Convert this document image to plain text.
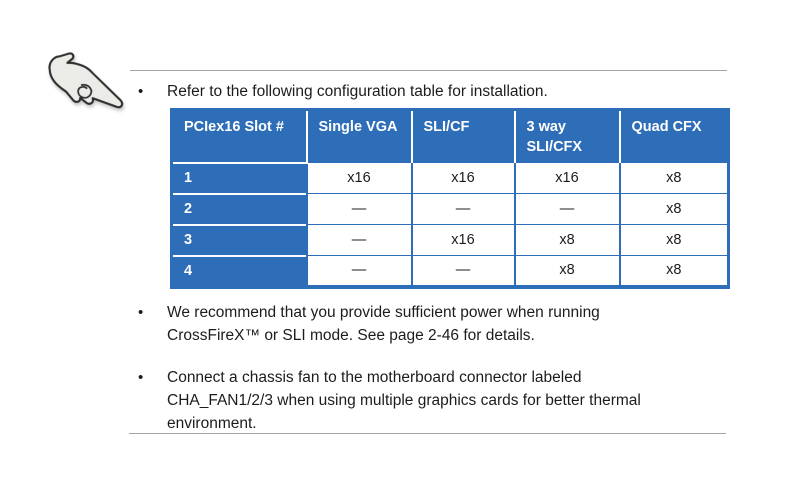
•	Refer to the following configuration table for installation.
PCIex16 Slot #	Single VGA	SLI/CF	3 way SLI/CFX	Quad CFX
1	x16	x16	x16	x8
2	—	—	—	x8
3	—	x16	x8	x8
4	—	—	x8	x8
•	We recommend that you provide sufficient power when running
CrossFireX™ or SLI mode. See page 2-46 for details.
•	Connect a chassis fan to the motherboard connector labeled
CHA_FAN1/2/3 when using multiple graphics cards for better thermal
environment.
